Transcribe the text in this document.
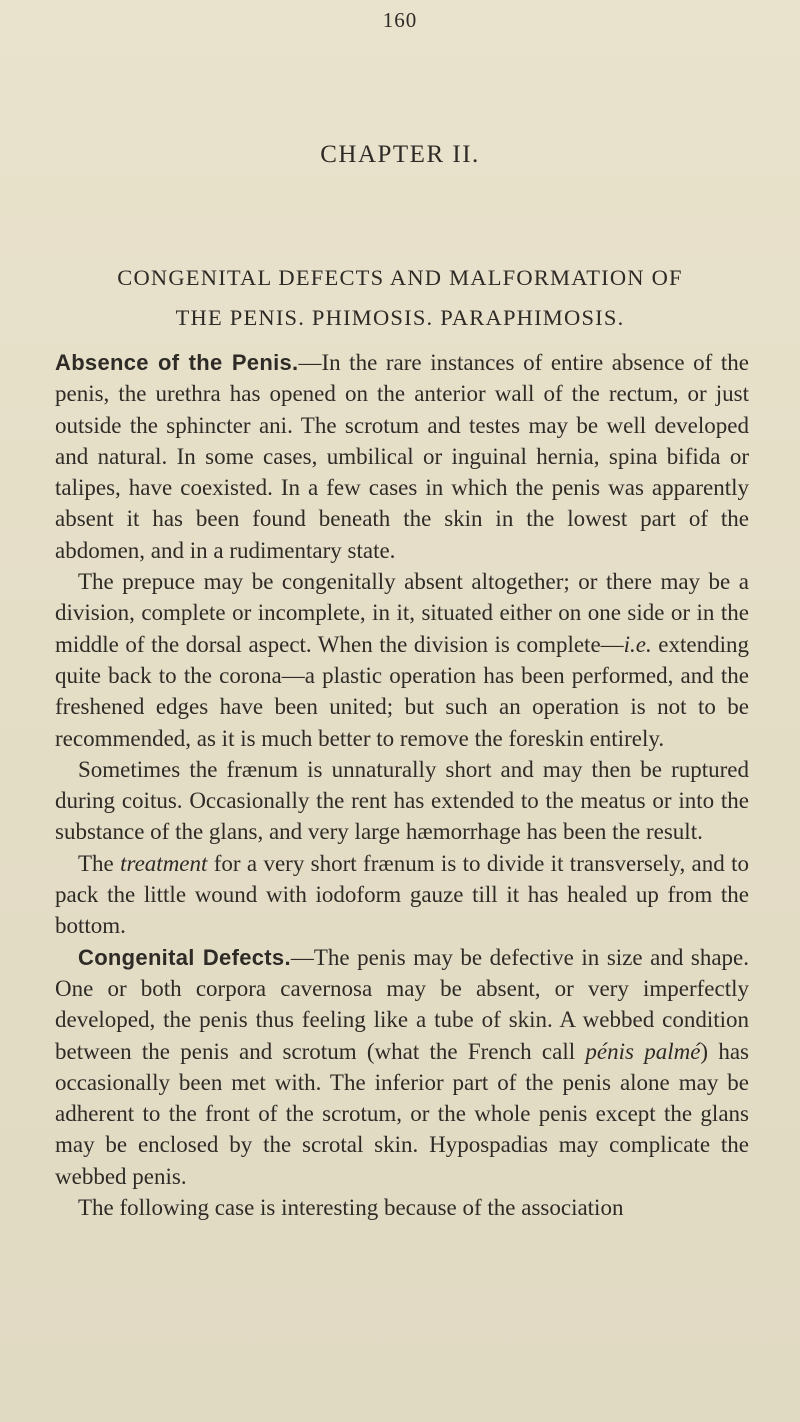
160
CHAPTER II.
CONGENITAL DEFECTS AND MALFORMATION OF
THE PENIS. PHIMOSIS. PARAPHIMOSIS.

Absence of the Penis.—In the rare instances of entire absence of the penis, the urethra has opened on the anterior wall of the rectum, or just outside the sphincter ani. The scrotum and testes may be well developed and natural. In some cases, umbilical or inguinal hernia, spina bifida or talipes, have coexisted. In a few cases in which the penis was apparently absent it has been found beneath the skin in the lowest part of the abdomen, and in a rudimentary state.

The prepuce may be congenitally absent altogether; or there may be a division, complete or incomplete, in it, situated either on one side or in the middle of the dorsal aspect. When the division is complete—i.e. extending quite back to the corona—a plastic operation has been performed, and the freshened edges have been united; but such an operation is not to be recommended, as it is much better to remove the foreskin entirely.

Sometimes the frænum is unnaturally short and may then be ruptured during coitus. Occasionally the rent has extended to the meatus or into the substance of the glans, and very large hæmorrhage has been the result.

The treatment for a very short frænum is to divide it transversely, and to pack the little wound with iodoform gauze till it has healed up from the bottom.

Congenital Defects.—The penis may be defective in size and shape. One or both corpora cavernosa may be absent, or very imperfectly developed, the penis thus feeling like a tube of skin. A webbed condition between the penis and scrotum (what the French call pénis palmé) has occasionally been met with. The inferior part of the penis alone may be adherent to the front of the scrotum, or the whole penis except the glans may be enclosed by the scrotal skin. Hypospadias may complicate the webbed penis.

The following case is interesting because of the association
